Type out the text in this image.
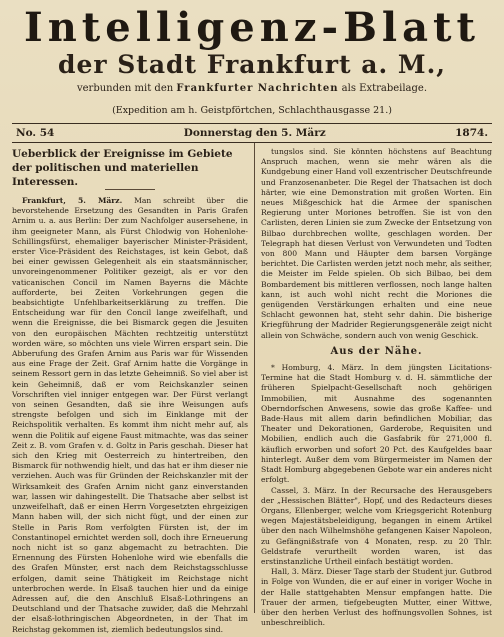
Intelligenz-Blatt
der Stadt Frankfurt a. M.,
verbunden mit den Frankfurter Nachrichten als Extrabeilage.
(Expedition am h. Geistpförtchen, Schlachthausgasse 21.)
No. 54	Donnerstag den 5. März	1874.

Ueberblick der Ereignisse im Gebiete der politischen und materiellen Interessen.

Frankfurt, 5. März. Man schreibt über die bevorstehende Ersetzung des Gesandten in Paris Grafen Arnim u. a. aus Berlin: Der zum Nachfolger ausersehene, in ihm geeigneter Mann, als Fürst Chlodwig von Hohenlohe-Schillingsfürst, ehemaliger bayerischer Minister-Präsident, erster Vice-Präsident des Reichstages, ist kein Gebot, daß bei einer gewissen Gelegenheit als ein staatsmännischer, unvoreingenommener Politiker gezeigt, als er vor den vaticanischen Concil im Namen Bayerns die Mächte aufforderte, bei Zeiten Vorkehrungen gegen die beabsichtigte Unfehlbarkeitserklärung zu treffen. Die Entscheidung war für den Concil lange zweifelhaft, und wenn die Ereignisse, die bei Bismarck gegen die Jesuiten von den europäischen Mächten rechtzeitig unterstützt worden wäre, so möchten uns viele Wirren erspart sein. Die Abberufung des Grafen Arnim aus Paris war für Wissenden aus eine Frage der Zeit. Graf Arnim hatte die Vorgänge in seinem Ressort gern in das letzte Geheimniß. So viel aber ist kein Geheimniß, daß er vom Reichskanzler seinen Vorschriften viel inniger entgegen war. Der Fürst verlangt von seinen Gesandten, daß sie ihre Weisungen aufs strengste befolgen und sich im Einklange mit der Reichspolitik verhalten. Es kommt ihm nicht mehr auf, als wenn die Politik auf eigene Faust mitmachte, was das seiner Zeit z. B. vom Grafen v. d. Goltz in Paris geschah. Dieser hat sich den Krieg mit Oesterreich zu hintertreiben, den Bismarck für nothwendig hielt, und das hat er ihm dieser nie verziehen. Auch was für Gründen der Reichskanzler mit der Wirksamkeit des Grafen Arnim nicht ganz einverstanden war, lassen wir dahingestellt. Die Thatsache aber selbst ist unzweifelhaft, daß er einen Herrn Vorgesetzten ehrgeizigen Mann haben will, der sich nicht fügt, und der einen zur Stelle in Paris Rom verfolgten Fürsten ist, der im Constantinopel ernichtet werden soll, doch ihre Erneuerung noch nicht ist so ganz abgemacht zu betrachten. Die Ernennung des Fürsten Hohenlohe wird wie ebenfalls die des Grafen Münster, erst nach dem Reichstagsschlusse erfolgen, damit seine Thätigkeit im Reichstage nicht unterbrochen werde. In Elsaß tauchen hier und da einige Adressen auf, die den Anschluß Elsaß-Lothringens an Deutschland und der Thatsache zuwider, daß die Mehrzahl der elsaß-lothringischen Abgeordneten, in der That im Reichstag gekommen ist, ziemlich bedeutungslos sind.

tungslos sind. Sie könnten höchstens auf Beachtung Anspruch machen, wenn sie mehr wären als die Kundgebung einer Hand voll exzentrischer Deutschfreunde und Franzosenanbeter. Die Regel der Thatsachen ist doch härter, wie eine Demonstration mit großen Worten. Ein neues Mißgeschick hat die Armee der spanischen Regierung unter Moriones betroffen. Sie ist von den Carlisten, deren Linien sie zum Zwecke der Entsetzung von Bilbao durchbrechen wollte, geschlagen worden. Der Telegraph hat diesen Verlust von Verwundeten und Todten von 800 Mann und Häupter dem barsen Vorgänge berichtet. Die Carlisten werden jetzt noch mehr, als seither, die Meister im Felde spielen. Ob sich Bilbao, bei dem Bombardement bis mittleren verflossen, noch lange halten kann, ist auch wohl nicht recht die Moriones die genügenden Verstärkungen erhalten und eine neue Schlacht gewonnen hat, steht sehr dahin. Die bisherige Kriegführung der Madrider Regierungsgeneräle zeigt nicht allein von Schwäche, sondern auch von wenig Geschick.

Aus der Nähe.

* Homburg, 4. März. In dem jüngsten Licitations-Termine hat die Stadt Homburg v. d. H. sämmtliche der früheren Spielpacht-Gesellschaft noch gehörigen Immobilien, mit Ausnahme des sogenannten Oberndorfschen Anwesens, sowie das große Kaffee- und Bade-Haus mit allem darin befindlichen Mobiliar, das Theater und Dekorationen, Garderobe, Requisiten und Mobilien, endlich auch die Gasfabrik für 271,000 fl. käuflich erworben und sofort 20 Pct. des Kaufgeldes baar hinterlegt. Außer dem vom Bürgermeister im Namen der Stadt Homburg abgegebenen Gebote war ein anderes nicht erfolgt.

Cassel, 3. März. In der Recursache des Herausgebers der „Hessischen Blätter", Hopf, und des Redacteurs dieses Organs, Ellenberger, welche vom Kriegsgericht Rotenburg wegen Majestätsbeleidigung, begangen in einem Artikel über den nach Wilhelmshöhe gefangenen Kaiser Napoleon, zu Gefängnißstrafe von 4 Monaten, resp. zu 20 Thlr. Geldstrafe verurtheilt worden waren, ist das erstinstanzliche Urtheil einfach bestätigt worden.

Hall, 3. März. Dieser Tage starb der Student jur. Gutbrod in Folge von Wunden, die er auf einer in voriger Woche in der Halle stattgehabten Mensur empfangen hatte. Die Trauer der armen, tiefgebeugten Mutter, einer Wittwe, über den herben Verlust des hoffnungsvollen Sohnes, ist unbeschreiblich.
